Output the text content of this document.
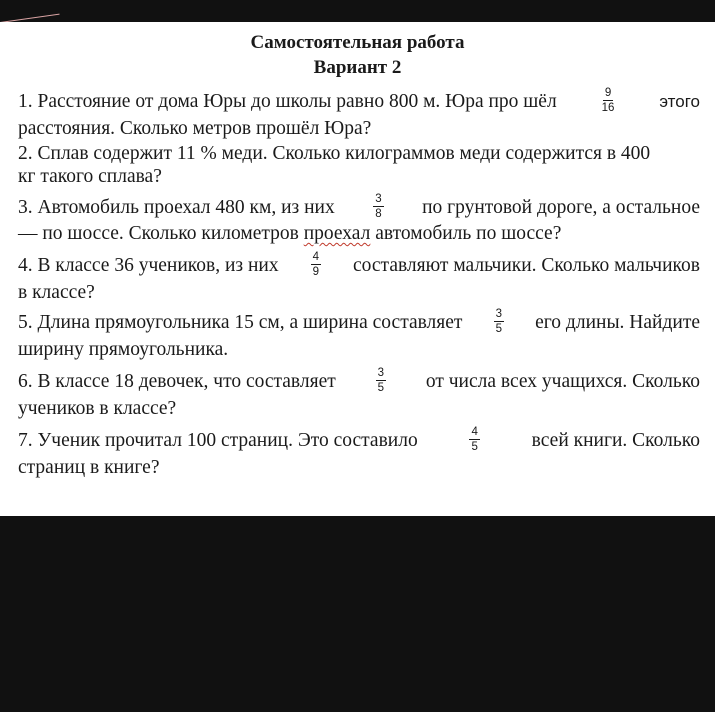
Самостоятельная работа
Вариант 2
1. Расстояние от дома Юры до школы равно 800 м. Юра про шёл	$\frac{9}{16}$	этого
расстояния. Сколько метров прошёл Юра?
2. Сплав содержит 11 % меди. Сколько килограммов меди содержится в 400
кг такого сплава?
3. Автомобиль проехал 480 км, из них	$\frac{3}{8}$ по грунтовой дороге, а остальное
— по шоссе. Сколько километров проехал автомобиль по шоссе?
4. В классе 36 учеников, из них	$\frac{4}{9}$ составляют мальчики. Сколько мальчиков
в классе?
5. Длина прямоугольника 15 см, а ширина составляет	$\frac{3}{5}$ его длины. Найдите
ширину прямоугольника.
6. В классе 18 девочек, что составляет	$\frac{3}{5}$ от числа всех учащихся. Сколько
учеников в классе?
7. Ученик прочитал 100 страниц. Это составило	$\frac{4}{5}$	всей книги. Сколько
страниц в книге?
